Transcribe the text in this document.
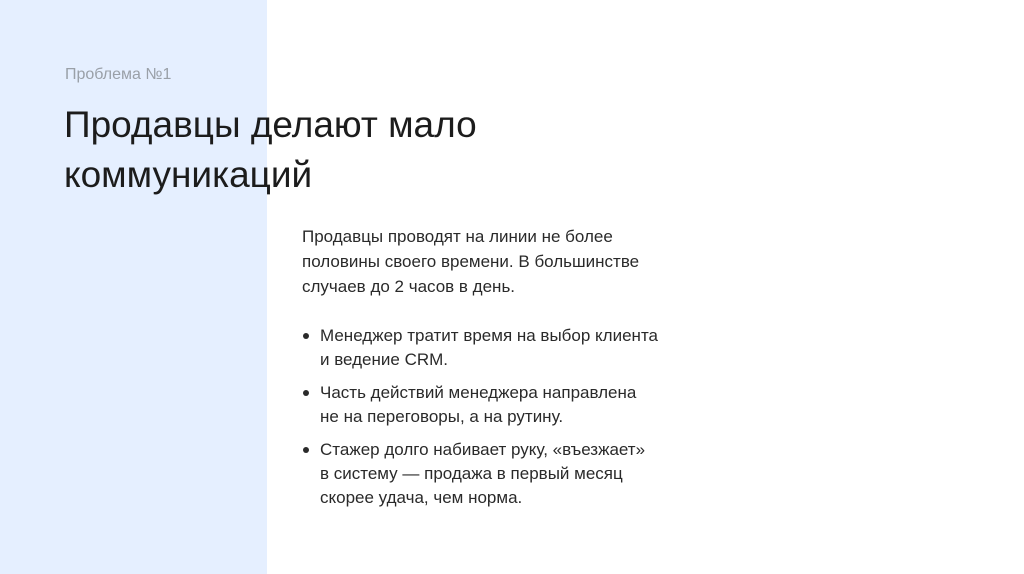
Проблема №1
Продавцы делают мало
коммуникаций
Продавцы проводят на линии не более
половины своего времени. В большинстве
случаев до 2 часов в день.
Менеджер тратит время на выбор клиента
и ведение CRM.
Часть действий менеджера направлена
не на переговоры, а на рутину.
Стажер долго набивает руку, «въезжает»
в систему — продажа в первый месяц
скорее удача, чем норма.
